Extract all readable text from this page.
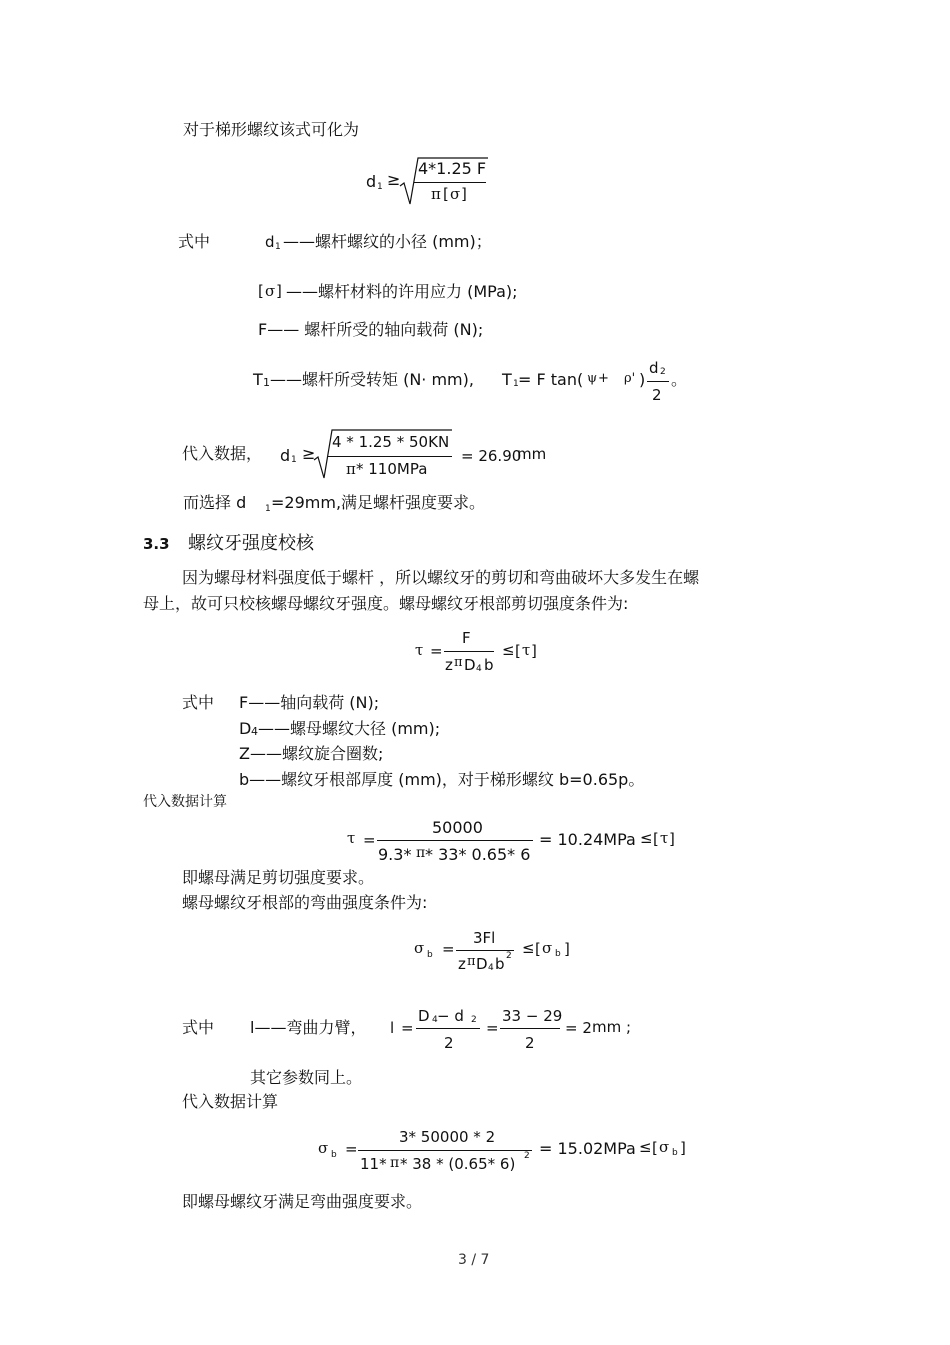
对于梯形螺纹该式可化为
d 1 ≥
4*1.25 F
π [ σ ]
式中	d 1 ——螺杆螺纹的小径 (mm)；
[ σ ] ——螺杆材料的许用应力 (MPa);
F—— 螺杆所受的轴向载荷 (N);
T 1 ——螺杆所受转矩 (N· mm), T 1 = F tan( ψ + ρ' )
d 2
2
。
代入数据， d 1 ≥
4 * 1.25 * 50KN
π * 110MPa
= 26.90
mm
而选择 d 1 =29mm,满足螺杆强度要求。
3.3 螺纹牙强度校核
因为螺母材料强度低于螺杆 ，所以螺纹牙的剪切和弯曲破坏大多发生在螺
母上，故可只校核螺母螺纹牙强度。螺母螺纹牙根部剪切强度条件为:
τ =
F
z π D 4 b
≤ [ τ ]
式中 F——轴向载荷 (N);
D 4 ——螺母螺纹大径 (mm);
Z——螺纹旋合圈数;
b——螺纹牙根部厚度 (mm)，对于梯形螺纹 b=0.65p。
代入数据计算
τ =
50000
9.3* π * 33* 0.65* 6
= 10.24MPa ≤ [ τ ]
即螺母满足剪切强度要求。
螺母螺纹牙根部的弯曲强度条件为:
σ b =
3Fl
z π D 4 b 2 ≤ [ σ b ]
式中 l——弯曲力臂， l =
D 4 − d 2
2
=
33 − 29
2
= 2 mm ;
其它参数同上。
代入数据计算
σ b =
3* 50000 * 2
11* π * 38 * (0.65* 6) 2 = 15.02MPa ≤ [ σ b ]
即螺母螺纹牙满足弯曲强度要求。
3 / 7
